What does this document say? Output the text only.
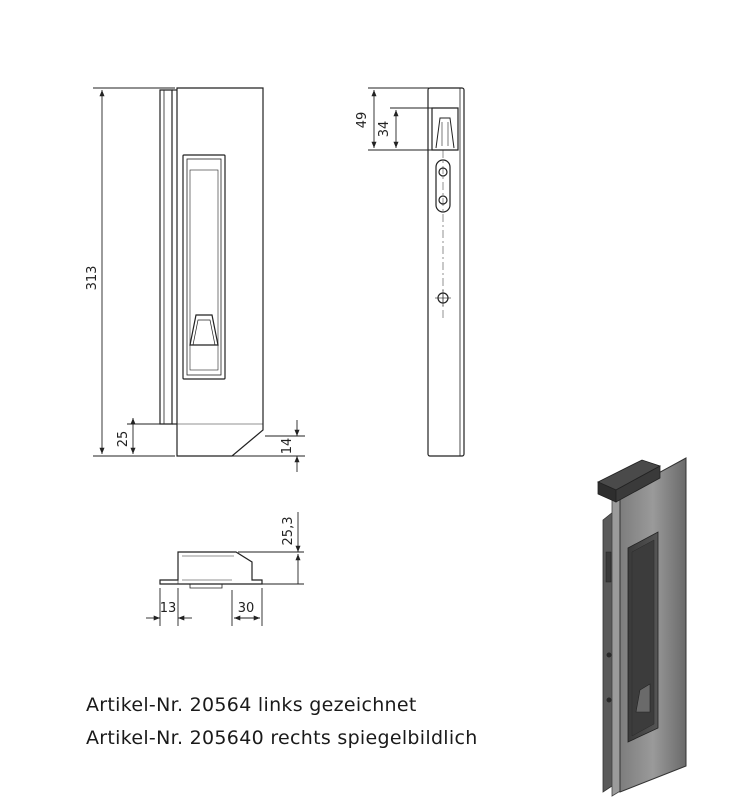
313
25	14
49
34
25,3
13	30
Artikel-Nr. 20564 links gezeichnet
Artikel-Nr. 205640 rechts spiegelbildlich
